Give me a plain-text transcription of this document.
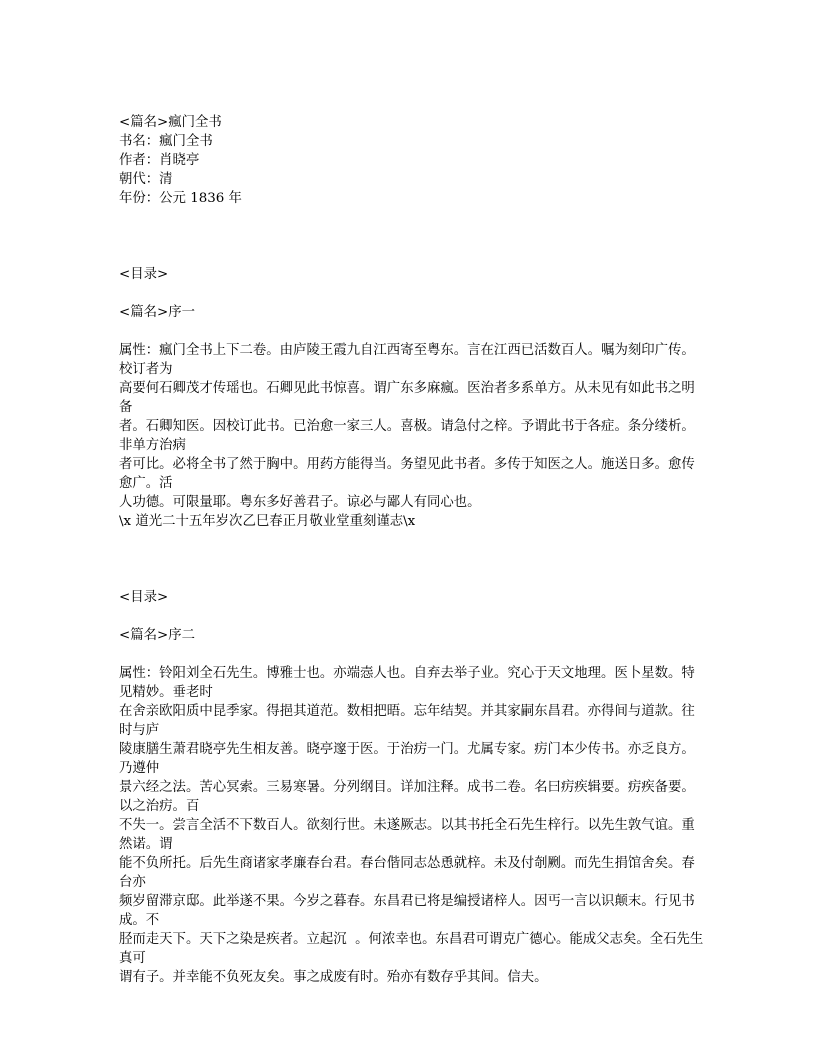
<篇名>瘋门全书
书名：瘋门全书
作者：肖晓亭
朝代：清
年份：公元 1836 年
<目录>
<篇名>序一
属性：瘋门全书上下二卷。由庐陵王霞九自江西寄至粤东。言在江西已活数百人。嘱为刻印广传。校订者为
高要何石卿茂才传瑶也。石卿见此书惊喜。谓广东多麻瘋。医治者多系单方。从未见有如此书之明备
者。石卿知医。因校订此书。已治愈一家三人。喜极。请急付之梓。予谓此书于各症。条分缕析。非单方治病
者可比。必将全书了然于胸中。用药方能得当。务望见此书者。多传于知医之人。施送日多。愈传愈广。活
人功德。可限量耶。粤东多好善君子。谅必与鄙人有同心也。
\x 道光二十五年岁次乙巳春正月敬业堂重刻谨志\x
<目录>
<篇名>序二
属性：铃阳刘全石先生。博雅士也。亦端悫人也。自弃去举子业。究心于天文地理。医卜星数。特见精妙。垂老时
在舍亲欧阳质中昆季家。得挹其道范。数相把晤。忘年结契。并其家嗣东昌君。亦得间与道款。往时与庐
陵康膳生萧君晓亭先生相友善。晓亭邃于医。于治疠一门。尤属专家。疠门本少传书。亦乏良方。乃遵仲
景六经之法。苦心冥索。三易寒暑。分列纲目。详加注释。成书二卷。名曰疠疾辑要。疠疾备要。以之治疠。百
不失一。尝言全活不下数百人。欲刻行世。未遂厥志。以其书托全石先生梓行。以先生敦气谊。重然诺。谓
能不负所托。后先生商诸家孝廉春台君。春台偕同志怂恿就梓。未及付剞劂。而先生捐馆舍矣。春台亦
频岁留滞京邸。此举遂不果。今岁之暮春。东昌君已将是编授诸梓人。因丐一言以识颠末。行见书成。不
胫而走天下。天下之染是疾者。立起沉  。何浓幸也。东昌君可谓克广德心。能成父志矣。全石先生真可
谓有子。并幸能不负死友矣。事之成废有时。殆亦有数存乎其间。信夫。
